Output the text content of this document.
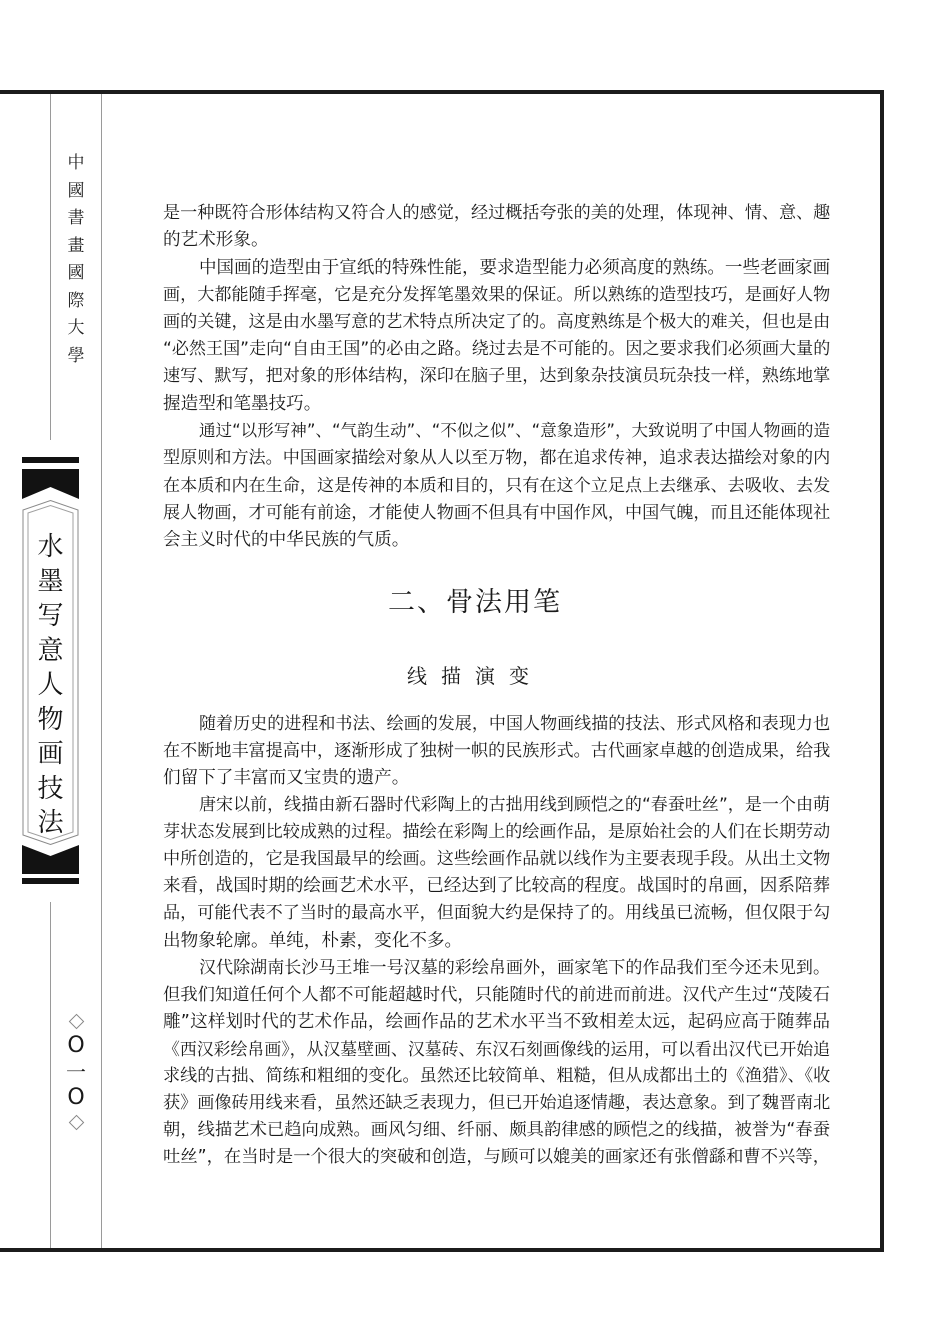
中
國
書
畫
國
際
大
學
水
墨
写
意
人
物
画
技
法
O
一
O
是一种既符合形体结构又符合人的感觉，经过概括夸张的美的处理，体现神、情、意、趣
的艺术形象。
中国画的造型由于宣纸的特殊性能，要求造型能力必须高度的熟练。一些老画家画
画，大都能随手挥毫，它是充分发挥笔墨效果的保证。所以熟练的造型技巧，是画好人物
画的关键，这是由水墨写意的艺术特点所决定了的。高度熟练是个极大的难关，但也是由
“必然王国”走向“自由王国”的必由之路。绕过去是不可能的。因之要求我们必须画大量的
速写、默写，把对象的形体结构，深印在脑子里，达到象杂技演员玩杂技一样，熟练地掌
握造型和笔墨技巧。
通过“以形写神”、“气韵生动”、“不似之似”、“意象造形”，大致说明了中国人物画的造
型原则和方法。中国画家描绘对象从人以至万物，都在追求传神，追求表达描绘对象的内
在本质和内在生命，这是传神的本质和目的，只有在这个立足点上去继承、去吸收、去发
展人物画，才可能有前途，才能使人物画不但具有中国作风，中国气魄，而且还能体现社
会主义时代的中华民族的气质。
二、骨法用笔
线描演变
随着历史的进程和书法、绘画的发展，中国人物画线描的技法、形式风格和表现力也
在不断地丰富提高中，逐渐形成了独树一帜的民族形式。古代画家卓越的创造成果，给我
们留下了丰富而又宝贵的遗产。
唐宋以前，线描由新石器时代彩陶上的古拙用线到顾恺之的“春蚕吐丝”，是一个由萌
芽状态发展到比较成熟的过程。描绘在彩陶上的绘画作品，是原始社会的人们在长期劳动
中所创造的，它是我国最早的绘画。这些绘画作品就以线作为主要表现手段。从出土文物
来看，战国时期的绘画艺术水平，已经达到了比较高的程度。战国时的帛画，因系陪葬
品，可能代表不了当时的最高水平，但面貌大约是保持了的。用线虽已流畅，但仅限于勾
出物象轮廓。单纯，朴素，变化不多。
汉代除湖南长沙马王堆一号汉墓的彩绘帛画外，画家笔下的作品我们至今还未见到。
但我们知道任何个人都不可能超越时代，只能随时代的前进而前进。汉代产生过“茂陵石
雕”这样划时代的艺术作品，绘画作品的艺术水平当不致相差太远，起码应高于随葬品
《西汉彩绘帛画》，从汉墓壁画、汉墓砖、东汉石刻画像线的运用，可以看出汉代已开始追
求线的古拙、简练和粗细的变化。虽然还比较简单、粗糙，但从成都出土的《渔猎》、《收
获》画像砖用线来看，虽然还缺乏表现力，但已开始追逐情趣，表达意象。到了魏晋南北
朝，线描艺术已趋向成熟。画风匀细、纤丽、颇具韵律感的顾恺之的线描，被誉为“春蚕
吐丝”，在当时是一个很大的突破和创造，与顾可以媲美的画家还有张僧繇和曹不兴等，
